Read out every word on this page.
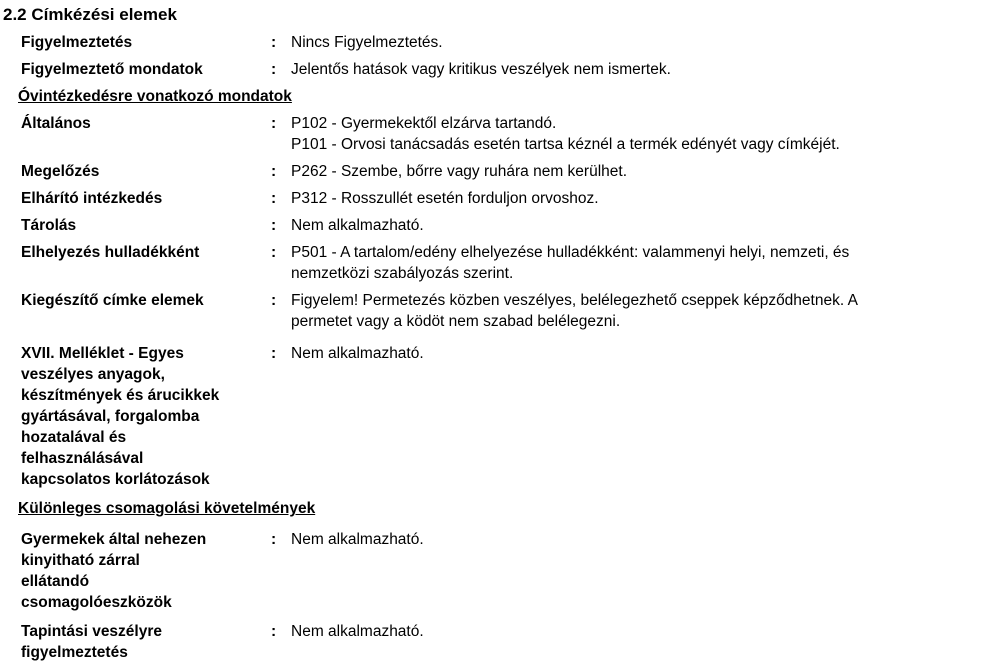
2.2 Címkézési elemek
Figyelmeztetés	: Nincs Figyelmeztetés.
Figyelmeztető mondatok	: Jelentős hatások vagy kritikus veszélyek nem ismertek.
Óvintézkedésre vonatkozó mondatok
Általános	: P102 - Gyermekektől elzárva tartandó.
P101 - Orvosi tanácsadás esetén tartsa kéznél a termék edényét vagy címkéjét.
Megelőzés	: P262 - Szembe, bőrre vagy ruhára nem kerülhet.
Elhárító intézkedés	: P312 - Rosszullét esetén forduljon orvoshoz.
Tárolás	: Nem alkalmazható.
Elhelyezés hulladékként	: P501 - A tartalom/edény elhelyezése hulladékként: valammenyi helyi, nemzeti, és
nemzetközi szabályozás szerint.
Kiegészítő címke elemek	: Figyelem! Permetezés közben veszélyes, belélegezhető cseppek képződhetnek. A
permetet vagy a ködöt nem szabad belélegezni.
XVII. Melléklet - Egyes
veszélyes anyagok,
készítmények és árucikkek
gyártásával, forgalomba
hozatalával és
felhasználásával
kapcsolatos korlátozások
: Nem alkalmazható.
Különleges csomagolási követelmények
Gyermekek által nehezen
kinyitható zárral
ellátandó
csomagolóeszközök
: Nem alkalmazható.
Tapintási veszélyre
figyelmeztetés
: Nem alkalmazható.
